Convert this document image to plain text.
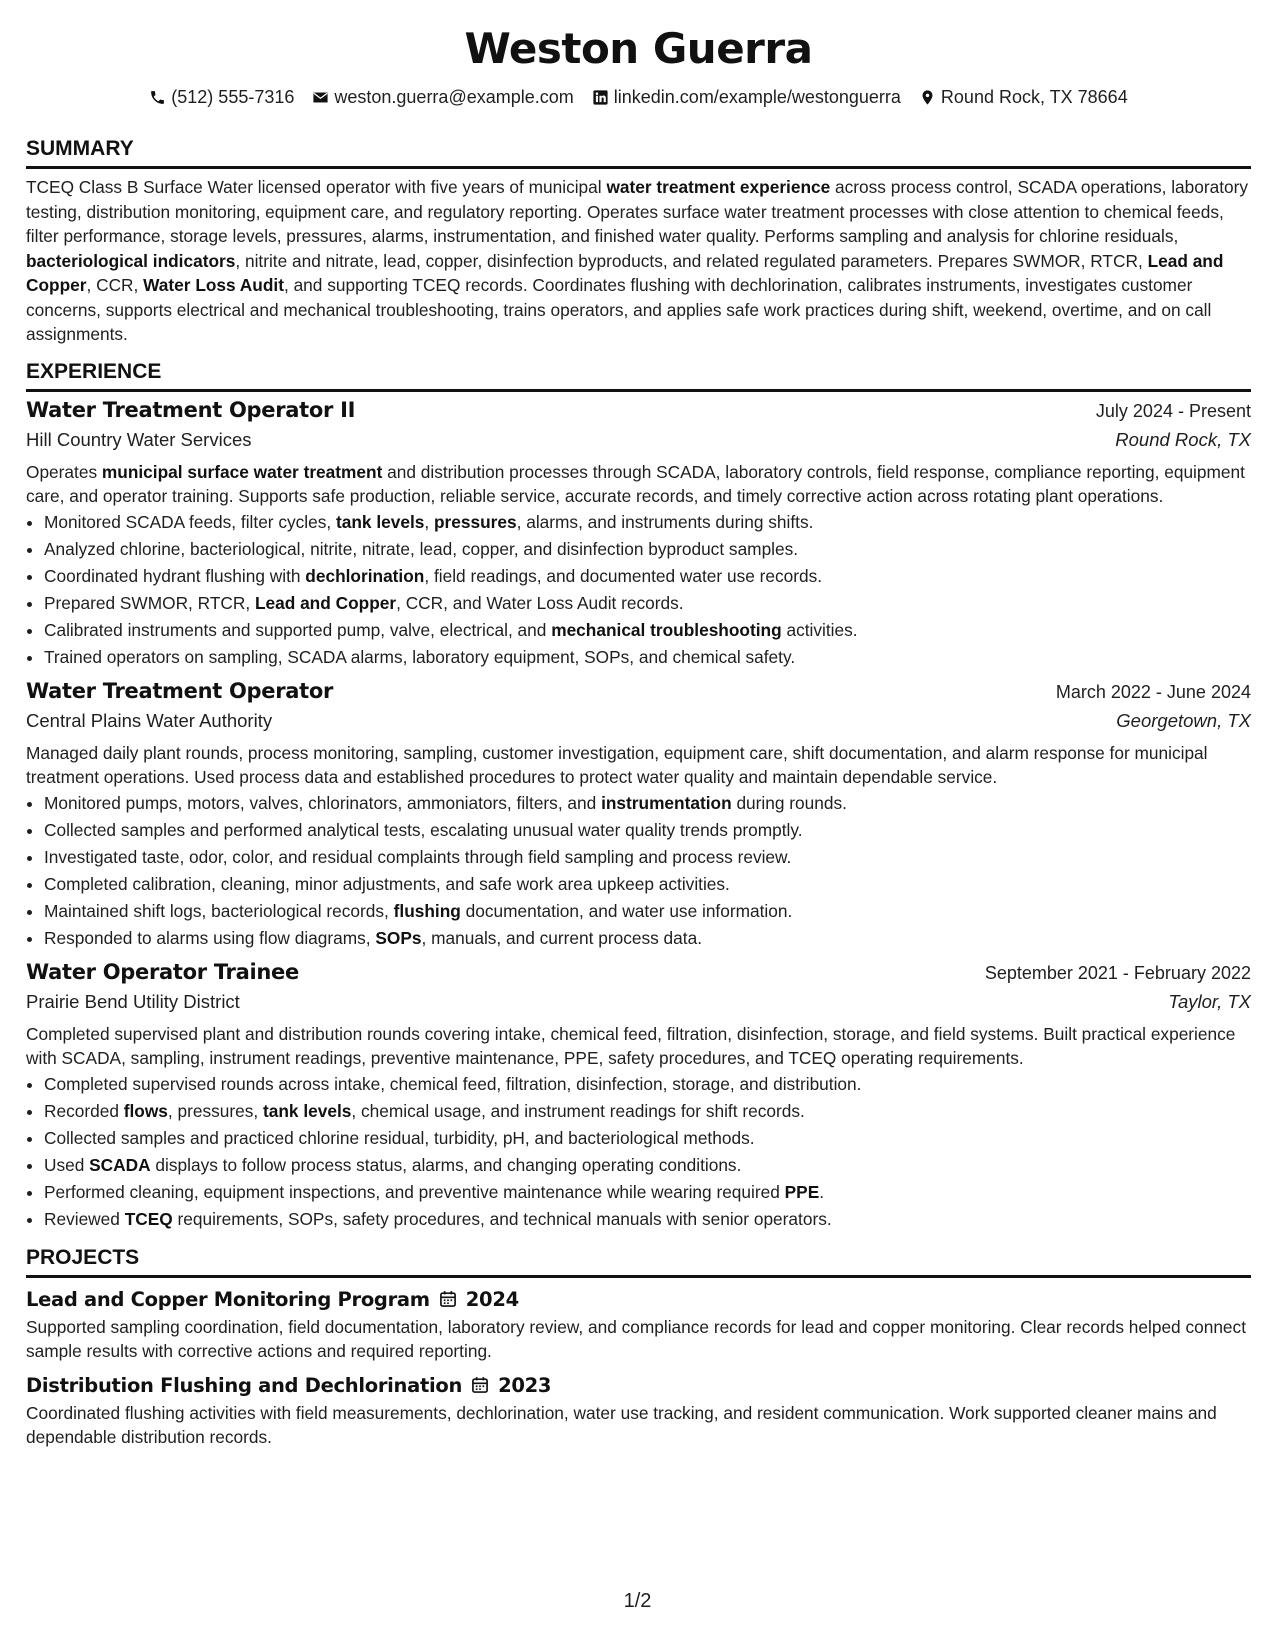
Weston Guerra
(512) 555-7316 weston.guerra@example.com linkedin.com/example/westonguerra Round Rock, TX 78664
SUMMARY

TCEQ Class B Surface Water licensed operator with five years of municipal water treatment experience across process control, SCADA operations, laboratory testing, distribution monitoring, equipment care, and regulatory reporting. Operates surface water treatment processes with close attention to chemical feeds, filter performance, storage levels, pressures, alarms, instrumentation, and finished water quality. Performs sampling and analysis for chlorine residuals, bacteriological indicators, nitrite and nitrate, lead, copper, disinfection byproducts, and related regulated parameters. Prepares SWMOR, RTCR, Lead and Copper, CCR, Water Loss Audit, and supporting TCEQ records. Coordinates flushing with dechlorination, calibrates instruments, investigates customer concerns, supports electrical and mechanical troubleshooting, trains operators, and applies safe work practices during shift, weekend, overtime, and on call assignments.

EXPERIENCE
Water Treatment Operator II	July 2024 - Present
Hill Country Water Services	Round Rock, TX

Operates municipal surface water treatment and distribution processes through SCADA, laboratory controls, field response, compliance reporting, equipment care, and operator training. Supports safe production, reliable service, accurate records, and timely corrective action across rotating plant operations.

• Monitored SCADA feeds, filter cycles, tank levels, pressures, alarms, and instruments during shifts.
• Analyzed chlorine, bacteriological, nitrite, nitrate, lead, copper, and disinfection byproduct samples.
• Coordinated hydrant flushing with dechlorination, field readings, and documented water use records.
• Prepared SWMOR, RTCR, Lead and Copper, CCR, and Water Loss Audit records.
• Calibrated instruments and supported pump, valve, electrical, and mechanical troubleshooting activities.
• Trained operators on sampling, SCADA alarms, laboratory equipment, SOPs, and chemical safety.
Water Treatment Operator	March 2022 - June 2024
Central Plains Water Authority	Georgetown, TX

Managed daily plant rounds, process monitoring, sampling, customer investigation, equipment care, shift documentation, and alarm response for municipal treatment operations. Used process data and established procedures to protect water quality and maintain dependable service.

• Monitored pumps, motors, valves, chlorinators, ammoniators, filters, and instrumentation during rounds.
• Collected samples and performed analytical tests, escalating unusual water quality trends promptly.
• Investigated taste, odor, color, and residual complaints through field sampling and process review.
• Completed calibration, cleaning, minor adjustments, and safe work area upkeep activities.
• Maintained shift logs, bacteriological records, flushing documentation, and water use information.
• Responded to alarms using flow diagrams, SOPs, manuals, and current process data.
Water Operator Trainee	September 2021 - February 2022
Prairie Bend Utility District	Taylor, TX

Completed supervised plant and distribution rounds covering intake, chemical feed, filtration, disinfection, storage, and field systems. Built practical experience with SCADA, sampling, instrument readings, preventive maintenance, PPE, safety procedures, and TCEQ operating requirements.

• Completed supervised rounds across intake, chemical feed, filtration, disinfection, storage, and distribution.
• Recorded flows, pressures, tank levels, chemical usage, and instrument readings for shift records.
• Collected samples and practiced chlorine residual, turbidity, pH, and bacteriological methods.
• Used SCADA displays to follow process status, alarms, and changing operating conditions.
• Performed cleaning, equipment inspections, and preventive maintenance while wearing required PPE.
• Reviewed TCEQ requirements, SOPs, safety procedures, and technical manuals with senior operators.
PROJECTS
Lead and Copper Monitoring Program 2024

Supported sampling coordination, field documentation, laboratory review, and compliance records for lead and copper monitoring. Clear records helped connect sample results with corrective actions and required reporting.

Distribution Flushing and Dechlorination 2023

Coordinated flushing activities with field measurements, dechlorination, water use tracking, and resident communication. Work supported cleaner mains and dependable distribution records.

1/2
